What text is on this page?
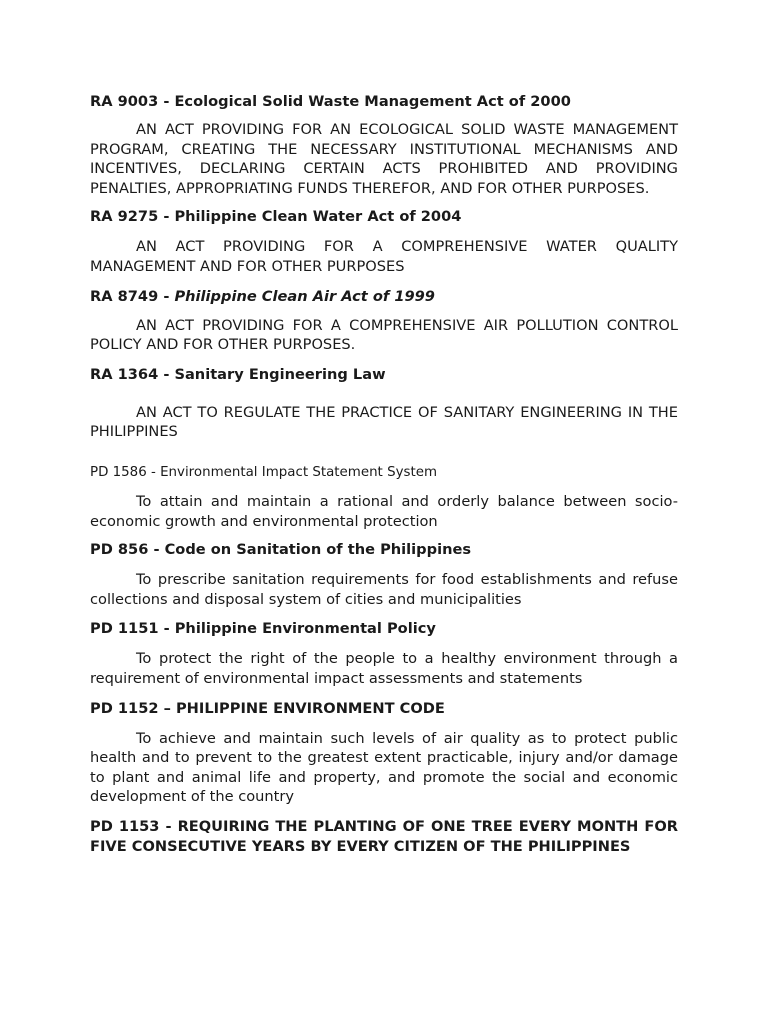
RA 9003 - Ecological Solid Waste Management Act of 2000

AN ACT PROVIDING FOR AN ECOLOGICAL SOLID WASTE MANAGEMENT PROGRAM, CREATING THE NECESSARY INSTITUTIONAL MECHANISMS AND INCENTIVES, DECLARING CERTAIN ACTS PROHIBITED AND PROVIDING PENALTIES, APPROPRIATING FUNDS THEREFOR, AND FOR OTHER PURPOSES.

RA 9275 - Philippine Clean Water Act of 2004

AN ACT PROVIDING FOR A COMPREHENSIVE WATER QUALITY MANAGEMENT AND FOR OTHER PURPOSES

RA 8749 - Philippine Clean Air Act of 1999

AN ACT PROVIDING FOR A COMPREHENSIVE AIR POLLUTION CONTROL POLICY AND FOR OTHER PURPOSES.

RA 1364 - Sanitary Engineering Law

AN ACT TO REGULATE THE PRACTICE OF SANITARY ENGINEERING IN THE PHILIPPINES

PD 1586 - Environmental Impact Statement System

To attain and maintain a rational and orderly balance between socio-economic growth and environmental protection

PD 856 - Code on Sanitation of the Philippines

To prescribe sanitation requirements for food establishments and refuse collections and disposal system of cities and municipalities

PD 1151 - Philippine Environmental Policy

To protect the right of the people to a healthy environment through a requirement of environmental impact assessments and statements

PD 1152 – PHILIPPINE ENVIRONMENT CODE

To achieve and maintain such levels of air quality as to protect public health and to prevent to the greatest extent practicable, injury and/or damage to plant and animal life and property, and promote the social and economic development of the country

PD 1153 - REQUIRING THE PLANTING OF ONE TREE EVERY MONTH FOR FIVE CONSECUTIVE YEARS BY EVERY CITIZEN OF THE PHILIPPINES
